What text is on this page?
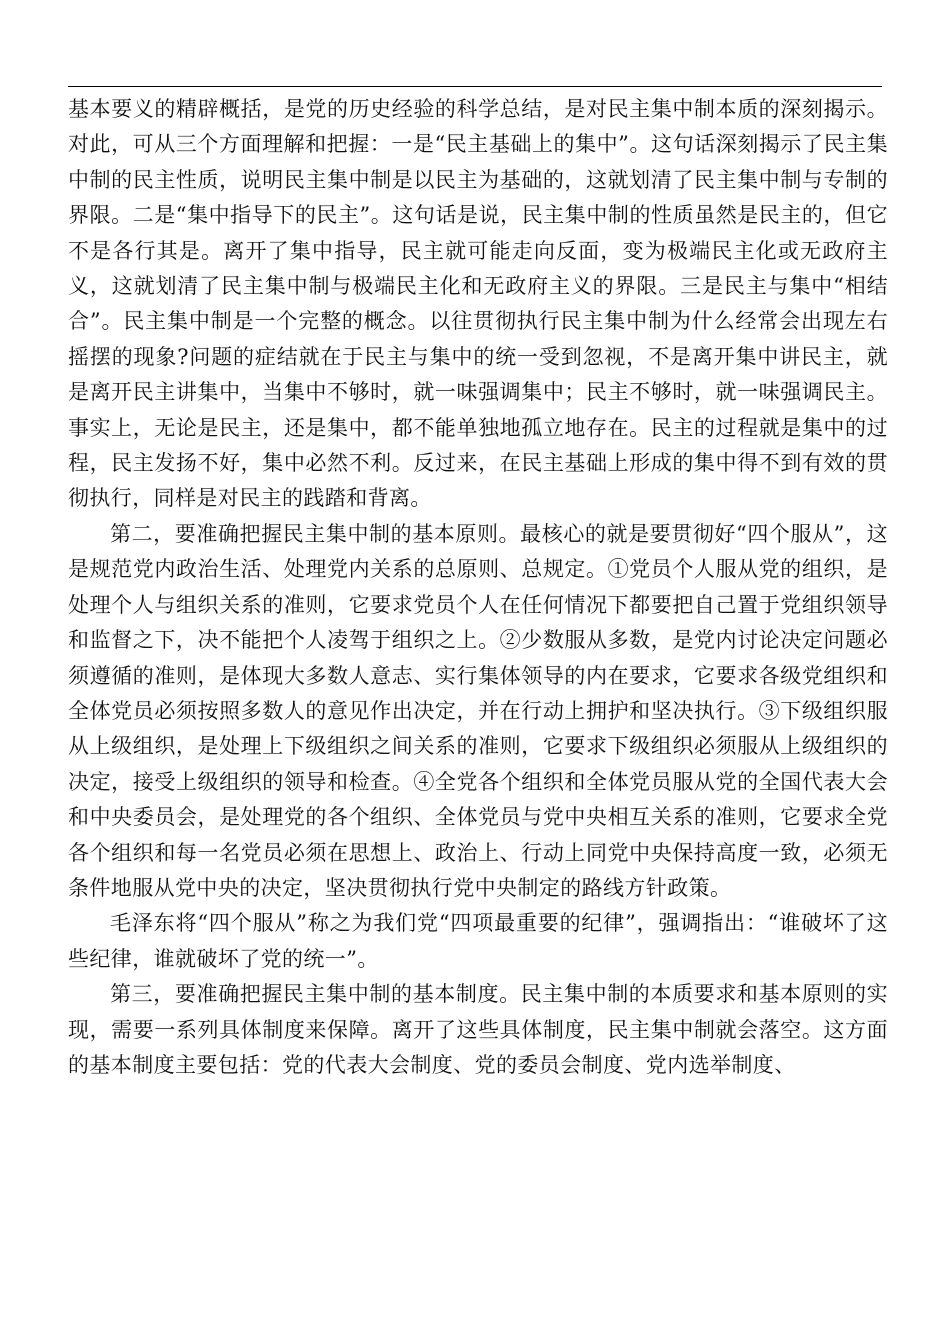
基本要义的精辟概括，是党的历史经验的科学总结，是对民主集中制本质的深刻揭示。对此，可从三个方面理解和把握：一是“民主基础上的集中”。这句话深刻揭示了民主集中制的民主性质，说明民主集中制是以民主为基础的，这就划清了民主集中制与专制的界限。二是“集中指导下的民主”。这句话是说，民主集中制的性质虽然是民主的，但它不是各行其是。离开了集中指导，民主就可能走向反面，变为极端民主化或无政府主义，这就划清了民主集中制与极端民主化和无政府主义的界限。三是民主与集中“相结合”。民主集中制是一个完整的概念。以往贯彻执行民主集中制为什么经常会出现左右摇摆的现象?问题的症结就在于民主与集中的统一受到忽视，不是离开集中讲民主，就是离开民主讲集中，当集中不够时，就一味强调集中；民主不够时，就一味强调民主。事实上，无论是民主，还是集中，都不能单独地孤立地存在。民主的过程就是集中的过程，民主发扬不好，集中必然不利。反过来，在民主基础上形成的集中得不到有效的贯彻执行，同样是对民主的践踏和背离。

第二，要准确把握民主集中制的基本原则。最核心的就是要贯彻好“四个服从”，这是规范党内政治生活、处理党内关系的总原则、总规定。①党员个人服从党的组织，是处理个人与组织关系的准则，它要求党员个人在任何情况下都要把自己置于党组织领导和监督之下，决不能把个人凌驾于组织之上。②少数服从多数，是党内讨论决定问题必须遵循的准则，是体现大多数人意志、实行集体领导的内在要求，它要求各级党组织和全体党员必须按照多数人的意见作出决定，并在行动上拥护和坚决执行。③下级组织服从上级组织，是处理上下级组织之间关系的准则，它要求下级组织必须服从上级组织的决定，接受上级组织的领导和检查。④全党各个组织和全体党员服从党的全国代表大会和中央委员会，是处理党的各个组织、全体党员与党中央相互关系的准则，它要求全党各个组织和每一名党员必须在思想上、政治上、行动上同党中央保持高度一致，必须无条件地服从党中央的决定，坚决贯彻执行党中央制定的路线方针政策。

毛泽东将“四个服从”称之为我们党“四项最重要的纪律”，强调指出：“谁破坏了这些纪律，谁就破坏了党的统一”。

第三，要准确把握民主集中制的基本制度。民主集中制的本质要求和基本原则的实现，需要一系列具体制度来保障。离开了这些具体制度，民主集中制就会落空。这方面的基本制度主要包括：党的代表大会制度、党的委员会制度、党内选举制度、
